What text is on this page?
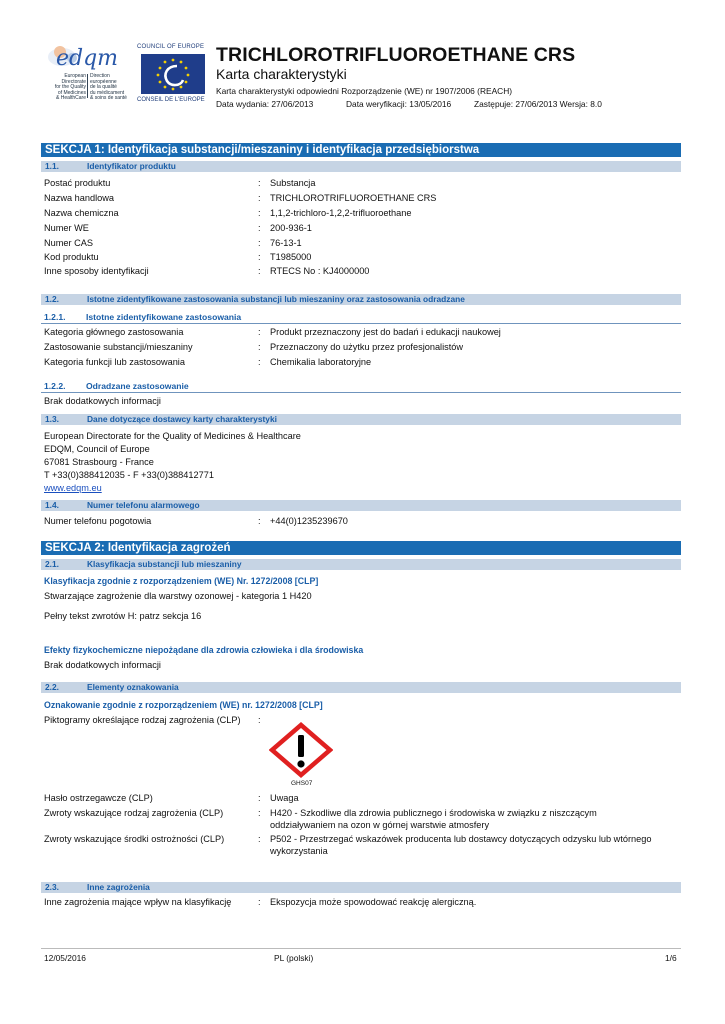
edqm
European Directorate
for the Quality
of Medicines
& HealthCare
Direction européenne
de la qualité
du médicament
& soins de santé
COUNCIL OF EUROPE
CONSEIL DE L'EUROPE
TRICHLOROTRIFLUOROETHANE CRS
Karta charakterystyki
Karta charakterystyki odpowiedni Rozporządzenie (WE) nr 1907/2006 (REACH)
Data wydania: 27/06/2013	Data weryfikacji: 13/05/2016	Zastępuje: 27/06/2013 Wersja: 8.0
SEKCJA 1: Identyfikacja substancji/mieszaniny i identyfikacja przedsiębiorstwa
1.1.	Identyfikator produktu
Postać produktu	: Substancja
Nazwa handlowa	: TRICHLOROTRIFLUOROETHANE CRS
Nazwa chemiczna	: 1,1,2-trichloro-1,2,2-trifluoroethane
Numer WE	: 200-936-1
Numer CAS	: 76-13-1
Kod produktu	: T1985000
Inne sposoby identyfikacji	: RTECS No : KJ4000000
1.2.	Istotne zidentyfikowane zastosowania substancji lub mieszaniny oraz zastosowania odradzane
1.2.1. Istotne zidentyfikowane zastosowania
Kategoria głównego zastosowania	: Produkt przeznaczony jest do badań i edukacji naukowej
Zastosowanie substancji/mieszaniny	: Przeznaczony do użytku przez profesjonalistów
Kategoria funkcji lub zastosowania	: Chemikalia laboratoryjne
1.2.2. Odradzane zastosowanie
Brak dodatkowych informacji
1.3.	Dane dotyczące dostawcy karty charakterystyki
European Directorate for the Quality of Medicines & Healthcare
EDQM, Council of Europe
67081 Strasbourg - France
T +33(0)388412035 - F +33(0)388412771
www.edqm.eu
1.4.	Numer telefonu alarmowego
Numer telefonu pogotowia	: +44(0)1235239670
SEKCJA 2: Identyfikacja zagrożeń
2.1.	Klasyfikacja substancji lub mieszaniny
Klasyfikacja zgodnie z rozporządzeniem (WE) Nr. 1272/2008 [CLP]
Stwarzające zagrożenie dla warstwy ozonowej - kategoria 1 H420
Pełny tekst zwrotów H: patrz sekcja 16
Efekty fizykochemiczne niepożądane dla zdrowia człowieka i dla środowiska
Brak dodatkowych informacji
2.2.	Elementy oznakowania
Oznakowanie zgodnie z rozporządzeniem (WE) nr. 1272/2008 [CLP]
Piktogramy określające rodzaj zagrożenia (CLP) :
GHS07
Hasło ostrzegawcze (CLP)	: Uwaga
Zwroty wskazujące rodzaj zagrożenia (CLP)	: H420 - Szkodliwe dla zdrowia publicznego i środowiska w związku z niszczącym
oddziaływaniem na ozon w górnej warstwie atmosfery
Zwroty wskazujące środki ostrożności (CLP)	: P502 - Przestrzegać wskazówek producenta lub dostawcy dotyczących odzysku lub wtórnego
wykorzystania
2.3.	Inne zagrożenia
Inne zagrożenia mające wpływ na klasyfikację	: Ekspozycja może spowodować reakcję alergiczną.
12/05/2016	PL (polski)	1/6
